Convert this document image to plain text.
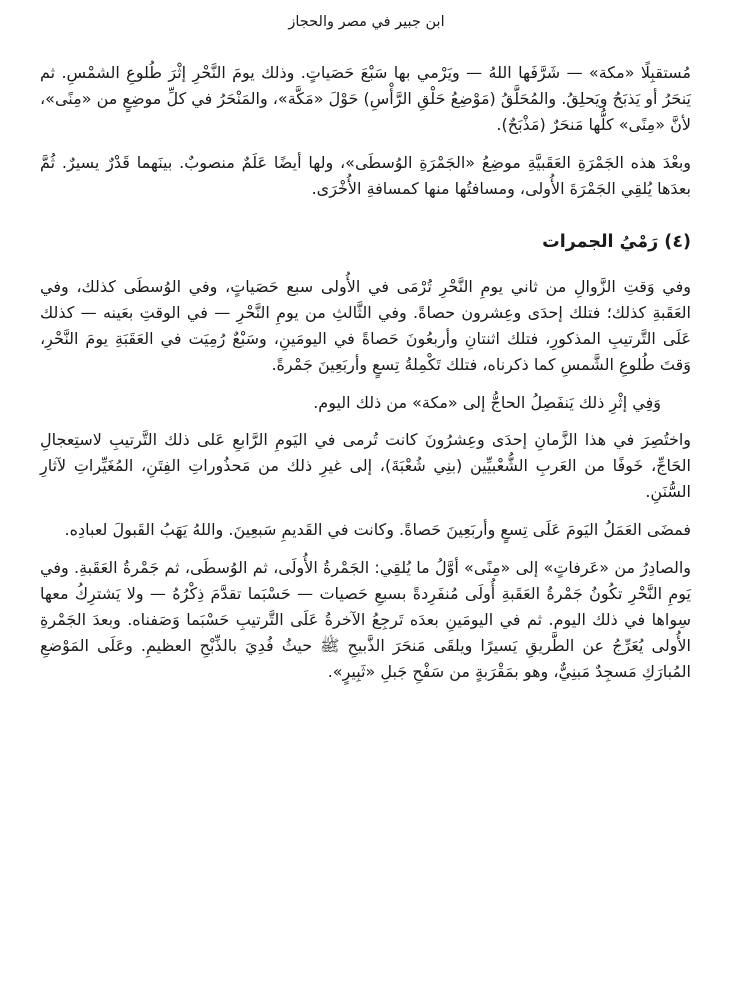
ابن جبير في مصر والحجاز

مُستقبِلًا «مكة» — شَرَّفَها اللهُ — ويَرْمي بها سَبْعَ حَصَياتٍ. وذلك يومَ النَّحْرِ إثْرَ طُلوعِ الشمْسِ. ثم يَنحَرُ أو يَذبَحُ ويَحلِقُ. والمُحَلَّقُ (مَوْضِعُ حَلْقِ الرَّأْسِ) حَوْلَ «مَكَّة»، والمَنْحَرُ في كلِّ موضِعٍ من «مِنًى»، لأنَّ «مِنًى» كلُّها مَنحَرٌ (مَذْبَحٌ).

وبعْدَ هذه الجَمْرَةِ العَقَبيَّةِ موضِعُ «الجَمْرَةِ الوُسطَى»، ولها أيضًا عَلَمٌ منصوبٌ. بينَهما قَدْرٌ يسيرٌ. ثُمَّ بعدَها يُلقِي الجَمْرَةَ الأُولى، ومسافتُها منها كمسافةِ الأُخْرَى.

(٤) رَمْيُ الجمرات

وفي وَقتِ الزَّوالِ من ثاني يومِ النَّحْرِ تُرْمَى في الأُولى سبع حَصَياتٍ، وفي الوُسطَى كذلك، وفي العَقَبةِ كذلك؛ فتلك إحدَى وعِشرون حصاةً. وفي الثَّالثِ من يومِ النَّحْرِ — في الوقتِ بعَينه — كذلك عَلَى التَّرتيبِ المذكورِ، فتلك اثنتانِ وأربعُونَ حَصاةً في اليومَينِ، وسَبْعٌ رُمِيَت في العَقَبَةِ يومَ النَّحْرِ، وَقتَ طُلوعِ الشَّمسِ كما ذكرناه، فتلك تَكْمِلةُ تِسعٍ وأربَعِينَ جَمْرةً.

وَفِي إثْرِ ذلك يَنفَصِلُ الحاجُّ إلى «مكة» من ذلك اليوم.

واختُصِرَ في هذا الزَّمانِ إحدَى وعِشرُونَ كانت تُرمى في اليَومِ الرَّابعِ عَلى ذلك التَّرتيبِ لاستِعجالِ الحَاجِّ، خَوفًا من العَربِ الشُّعْبيِّين (بنِي شُعْبَةَ)، إلى غيرِ ذلك من مَحذُوراتِ الفِتَنِ، المُغَيِّراتِ لآثارِ السُّنَنِ.

فمضَى العَمَلُ اليَومَ عَلَى تِسعٍ وأربَعِينَ حَصاةً. وكانت في القَديمِ سَبعِينَ. واللهُ يَهَبُ القَبولَ لعبادِه.

والصادِرُ من «عَرفاتٍ» إلى «مِنًى» أوَّلُ ما يُلقِي: الجَمْرةُ الأُولَى، ثم الوُسطَى، ثم جَمْرةُ العَقَبةِ. وفي يَومِ النَّحْرِ تكُونُ جَمْرةُ العَقَبةِ أُولَى مُنفَرِدةً بسبعِ حَصيات — حَسْبَما تقدَّمَ ذِكْرُهُ — ولا يَشترِكُ معها سِواها في ذلك اليوم. ثم في اليومَينِ بعدَه تَرجِعُ الآخرةُ عَلَى التَّرتيبِ حَسْبَما وَصَفناه. وبعدَ الجَمْرةِ الأُولى يُعَرِّجُ عن الطَّريقِ يَسيرًا ويلقَى مَنحَرَ الذَّبيحِ ﷺ حيثُ فُدِيَ بالذِّبْحِ العظيمِ. وعَلَى المَوْضعِ المُبارَكِ مَسجِدٌ مَبنِيٌّ، وهو بمَقْرَبةٍ من سَفْحِ جَبلِ «ثَبِيرٍ».
